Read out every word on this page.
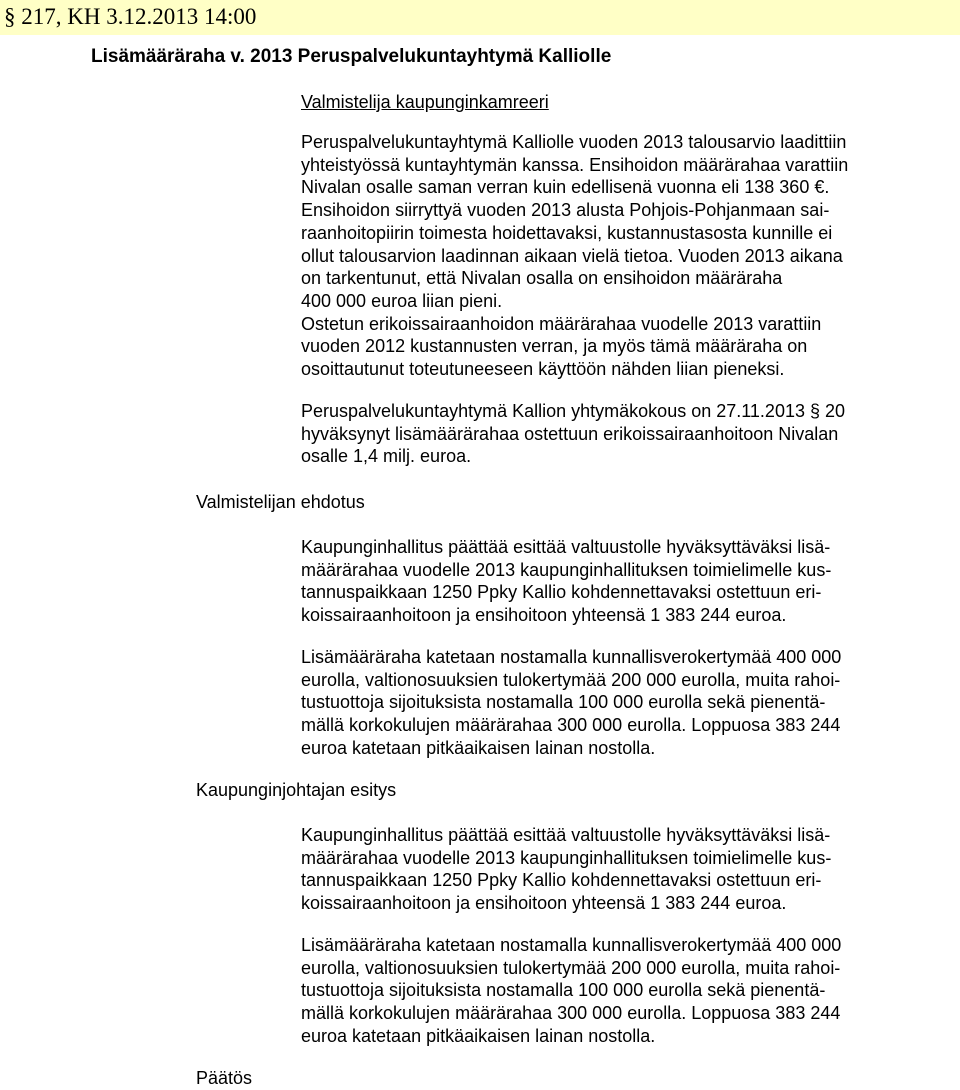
§ 217, KH 3.12.2013 14:00
Lisämääräraha v. 2013 Peruspalvelukuntayhtymä Kalliolle
Valmistelija kaupunginkamreeri
Peruspalvelukuntayhtymä Kalliolle vuoden 2013 talousarvio laadittiin
yhteistyössä kuntayhtymän kanssa. Ensihoidon määrärahaa varattiin
Nivalan osalle saman verran kuin edellisenä vuonna eli 138 360 €.
Ensihoidon siirryttyä vuoden 2013 alusta Pohjois-Pohjanmaan sai-
raanhoitopiirin toimesta hoidettavaksi, kustannustasosta kunnille ei
ollut talousarvion laadinnan aikaan vielä tietoa. Vuoden 2013 aikana
on tarkentunut, että Nivalan osalla on ensihoidon määräraha
400 000 euroa liian pieni.
Ostetun erikoissairaanhoidon määrärahaa vuodelle 2013 varattiin
vuoden 2012 kustannusten verran, ja myös tämä määräraha on
osoittautunut toteutuneeseen käyttöön nähden liian pieneksi.
Peruspalvelukuntayhtymä Kallion yhtymäkokous on 27.11.2013 § 20
hyväksynyt lisämäärärahaa ostettuun erikoissairaanhoitoon Nivalan
osalle 1,4 milj. euroa.
Valmistelijan ehdotus
Kaupunginhallitus päättää esittää valtuustolle hyväksyttäväksi lisä-
määrärahaa vuodelle 2013 kaupunginhallituksen toimielimelle kus-
tannuspaikkaan 1250 Ppky Kallio kohdennettavaksi ostettuun eri-
koissairaanhoitoon ja ensihoitoon yhteensä 1 383 244 euroa.
Lisämääräraha katetaan nostamalla kunnallisverokertymää 400 000
eurolla, valtionosuuksien tulokertymää 200 000 eurolla, muita rahoi-
tustuottoja sijoituksista nostamalla 100 000 eurolla sekä pienentä-
mällä korkokulujen määrärahaa 300 000 eurolla. Loppuosa 383 244
euroa katetaan pitkäaikaisen lainan nostolla.
Kaupunginjohtajan esitys
Kaupunginhallitus päättää esittää valtuustolle hyväksyttäväksi lisä-
määrärahaa vuodelle 2013 kaupunginhallituksen toimielimelle kus-
tannuspaikkaan 1250 Ppky Kallio kohdennettavaksi ostettuun eri-
koissairaanhoitoon ja ensihoitoon yhteensä 1 383 244 euroa.
Lisämääräraha katetaan nostamalla kunnallisverokertymää 400 000
eurolla, valtionosuuksien tulokertymää 200 000 eurolla, muita rahoi-
tustuottoja sijoituksista nostamalla 100 000 eurolla sekä pienentä-
mällä korkokulujen määrärahaa 300 000 eurolla. Loppuosa 383 244
euroa katetaan pitkäaikaisen lainan nostolla.
Päätös
